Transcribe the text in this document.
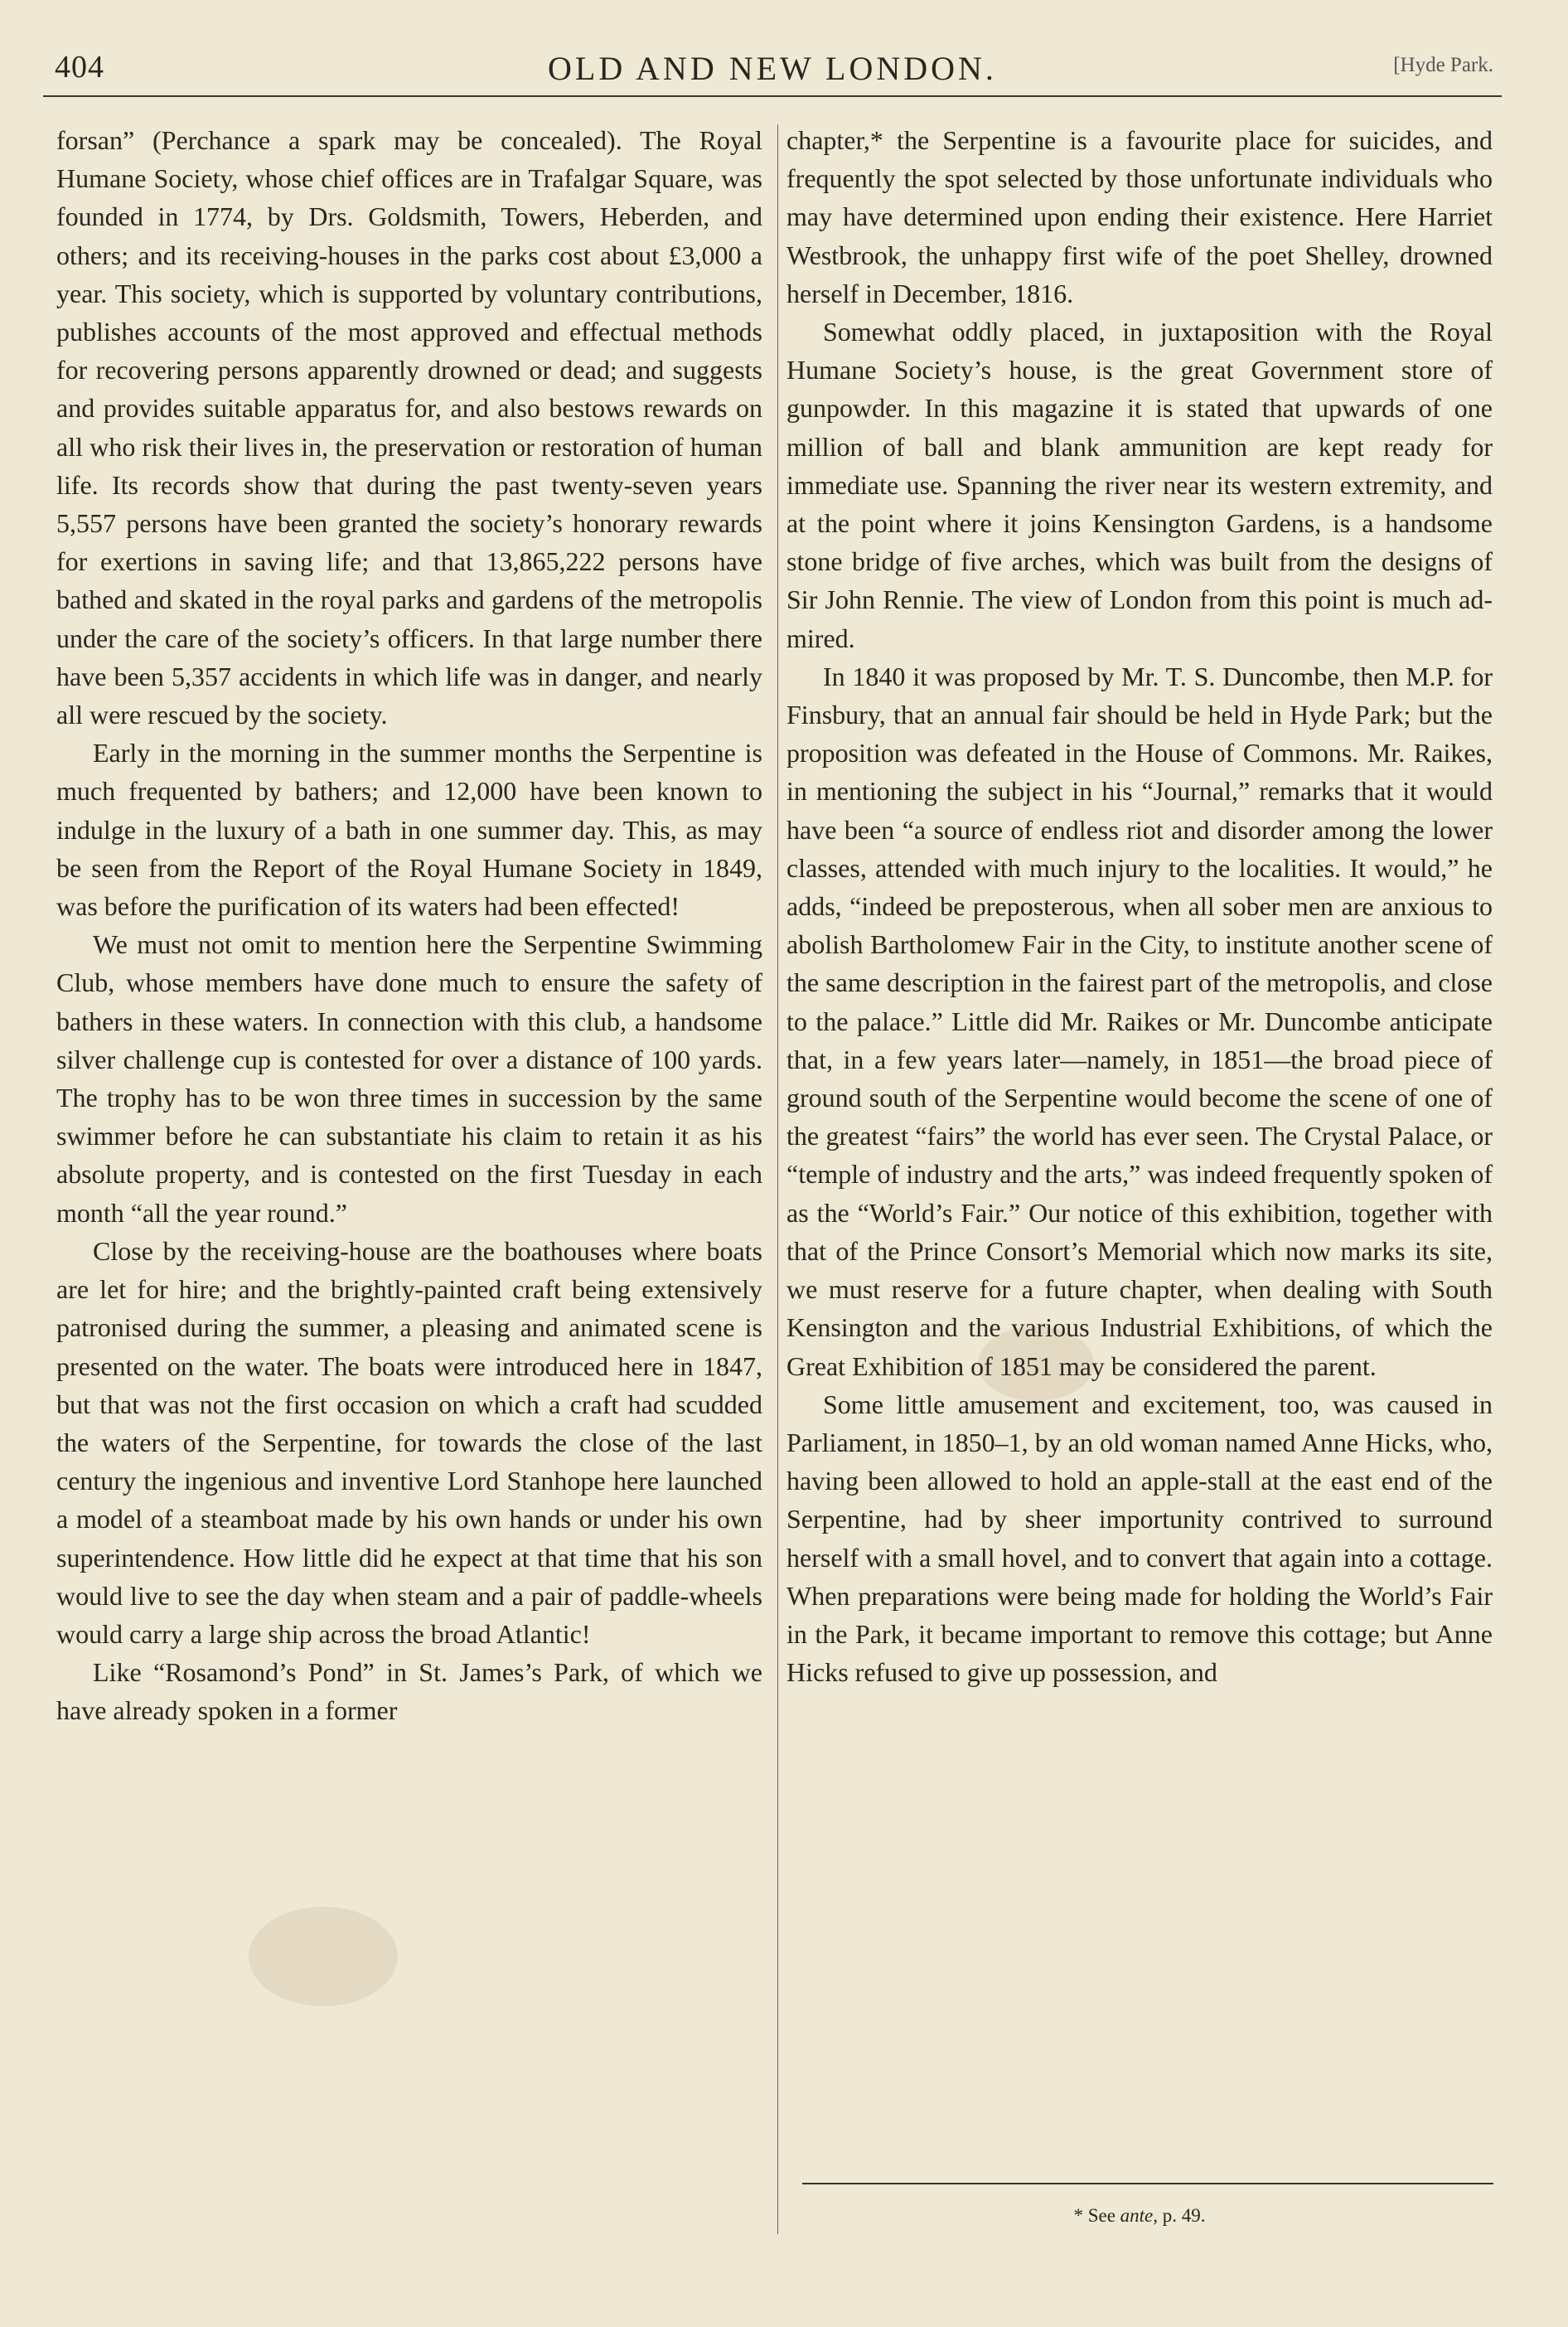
404	OLD AND NEW LONDON.	[Hyde Park.

forsan” (Perchance a spark may be concealed). The Royal Humane Society, whose chief offices are in Trafalgar Square, was founded in 1774, by Drs. Goldsmith, Towers, Heberden, and others; and its receiving-houses in the parks cost about £3,000 a year. This society, which is supported by voluntary contributions, publishes accounts of the most approved and effectual methods for recovering persons apparently drowned or dead; and suggests and provides suitable apparatus for, and also bestows rewards on all who risk their lives in, the preservation or restoration of human life. Its records show that during the past twenty-seven years 5,557 persons have been granted the society’s honorary rewards for exertions in saving life; and that 13,865,222 persons have bathed and skated in the royal parks and gardens of the metropolis under the care of the society’s officers. In that large number there have been 5,357 accidents in which life was in danger, and nearly all were rescued by the society.

Early in the morning in the summer months the Serpentine is much frequented by bathers; and 12,000 have been known to indulge in the luxury of a bath in one summer day. This, as may be seen from the Report of the Royal Humane Society in 1849, was before the purification of its waters had been effected!

We must not omit to mention here the Serpentine Swimming Club, whose members have done much to ensure the safety of bathers in these waters. In connection with this club, a handsome silver challenge cup is contested for over a distance of 100 yards. The trophy has to be won three times in succession by the same swimmer before he can substantiate his claim to retain it as his absolute property, and is contested on the first Tuesday in each month “all the year round.”

Close by the receiving-house are the boathouses where boats are let for hire; and the brightly-painted craft being extensively patronised during the summer, a pleasing and animated scene is presented on the water. The boats were introduced here in 1847, but that was not the first occasion on which a craft had scudded the waters of the Serpentine, for towards the close of the last century the ingenious and inventive Lord Stanhope here launched a model of a steamboat made by his own hands or under his own superintendence. How little did he expect at that time that his son would live to see the day when steam and a pair of paddle-wheels would carry a large ship across the broad Atlantic!

Like “Rosamond’s Pond” in St. James’s Park, of which we have already spoken in a former

chapter,* the Serpentine is a favourite place for suicides, and frequently the spot selected by those unfortunate individuals who may have determined upon ending their existence. Here Harriet Westbrook, the unhappy first wife of the poet Shelley, drowned herself in December, 1816.

Somewhat oddly placed, in juxtaposition with the Royal Humane Society’s house, is the great Government store of gunpowder. In this magazine it is stated that upwards of one million of ball and blank ammunition are kept ready for immediate use. Spanning the river near its western extremity, and at the point where it joins Kensington Gardens, is a handsome stone bridge of five arches, which was built from the designs of Sir John Rennie. The view of London from this point is much admired.

In 1840 it was proposed by Mr. T. S. Duncombe, then M.P. for Finsbury, that an annual fair should be held in Hyde Park; but the proposition was defeated in the House of Commons. Mr. Raikes, in mentioning the subject in his “Journal,” remarks that it would have been “a source of endless riot and disorder among the lower classes, attended with much injury to the localities. It would,” he adds, “indeed be preposterous, when all sober men are anxious to abolish Bartholomew Fair in the City, to institute another scene of the same description in the fairest part of the metropolis, and close to the palace.” Little did Mr. Raikes or Mr. Duncombe anticipate that, in a few years later—namely, in 1851—the broad piece of ground south of the Serpentine would become the scene of one of the greatest “fairs” the world has ever seen. The Crystal Palace, or “temple of industry and the arts,” was indeed frequently spoken of as the “World’s Fair.” Our notice of this exhibition, together with that of the Prince Consort’s Memorial which now marks its site, we must reserve for a future chapter, when dealing with South Kensington and the various Industrial Exhibitions, of which the Great Exhibition of 1851 may be considered the parent.

Some little amusement and excitement, too, was caused in Parliament, in 1850–1, by an old woman named Anne Hicks, who, having been allowed to hold an apple-stall at the east end of the Serpentine, had by sheer importunity contrived to surround herself with a small hovel, and to convert that again into a cottage. When preparations were being made for holding the World’s Fair in the Park, it became important to remove this cottage; but Anne Hicks refused to give up possession, and

* See ante, p. 49.
